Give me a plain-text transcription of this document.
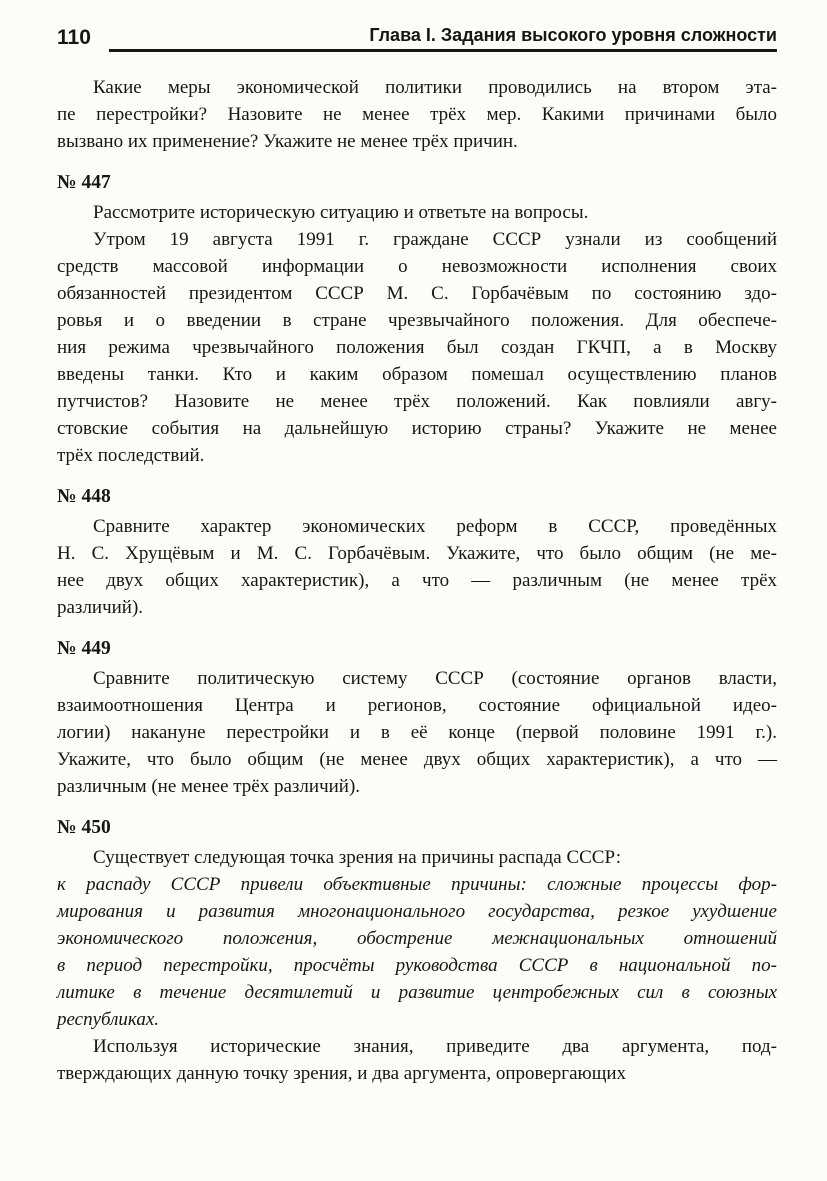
110	Глава I. Задания высокого уровня сложности
Какие меры экономической политики проводились на втором эта-
пе перестройки? Назовите не менее трёх мер. Какими причинами было
вызвано их применение? Укажите не менее трёх причин.
№ 447
Рассмотрите историческую ситуацию и ответьте на вопросы.
Утром 19 августа 1991 г. граждане СССР узнали из сообщений
средств массовой информации о невозможности исполнения своих
обязанностей президентом СССР М. С. Горбачёвым по состоянию здо-
ровья и о введении в стране чрезвычайного положения. Для обеспече-
ния режима чрезвычайного положения был создан ГКЧП, а в Москву
введены танки. Кто и каким образом помешал осуществлению планов
путчистов? Назовите не менее трёх положений. Как повлияли авгу-
стовские события на дальнейшую историю страны? Укажите не менее
трёх последствий.
№ 448
Сравните характер экономических реформ в СССР, проведённых
Н. С. Хрущёвым и М. С. Горбачёвым. Укажите, что было общим (не ме-
нее двух общих характеристик), а что — различным (не менее трёх
различий).
№ 449
Сравните политическую систему СССР (состояние органов власти,
взаимоотношения Центра и регионов, состояние официальной идео-
логии) накануне перестройки и в её конце (первой половине 1991 г.).
Укажите, что было общим (не менее двух общих характеристик), а что —
различным (не менее трёх различий).
№ 450
Существует следующая точка зрения на причины распада СССР:
к распаду СССР привели объективные причины: сложные процессы фор-
мирования и развития многонационального государства, резкое ухудшение
экономического положения, обострение межнациональных отношений
в период перестройки, просчёты руководства СССР в национальной по-
литике в течение десятилетий и развитие центробежных сил в союзных
республиках.
Используя исторические знания, приведите два аргумента, под-
тверждающих данную точку зрения, и два аргумента, опровергающих
